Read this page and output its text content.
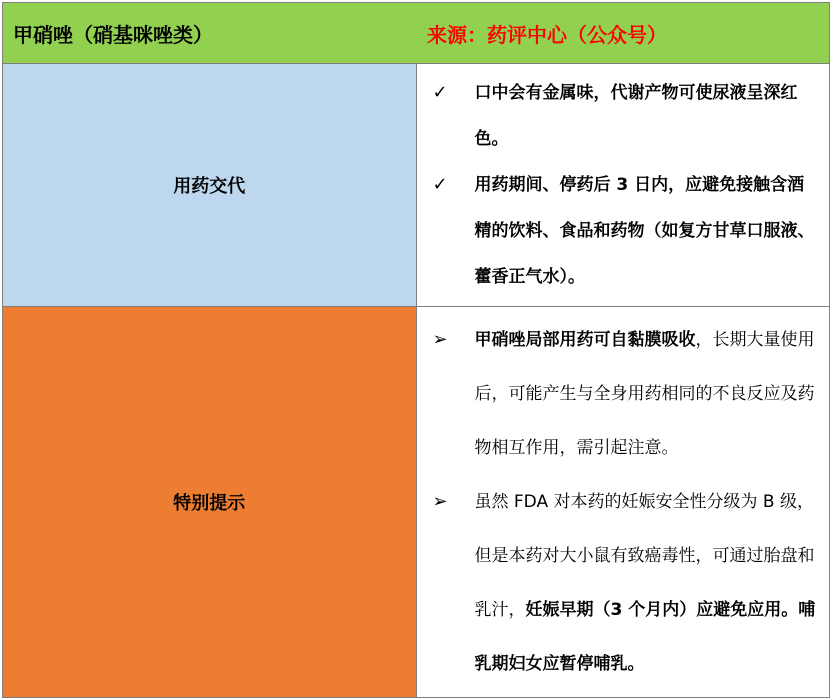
甲硝唑（硝基咪唑类） 来源：药评中心（公众号）	

用药交代	✓ 口中会有金属味，代谢产物可使尿液呈深红色。
✓ 用药期间、停药后 3 日内，应避免接触含酒精的饮料、食品和药物（如复方甘草口服液、藿香正气水）。

特别提示	➢ 甲硝唑局部用药可自黏膜吸收，长期大量使用后，可能产生与全身用药相同的不良反应及药物相互作用，需引起注意。
➢ 虽然 FDA 对本药的妊娠安全性分级为 B 级，但是本药对大小鼠有致癌毒性，可通过胎盘和乳汁，妊娠早期（3 个月内）应避免应用。哺乳期妇女应暂停哺乳。
